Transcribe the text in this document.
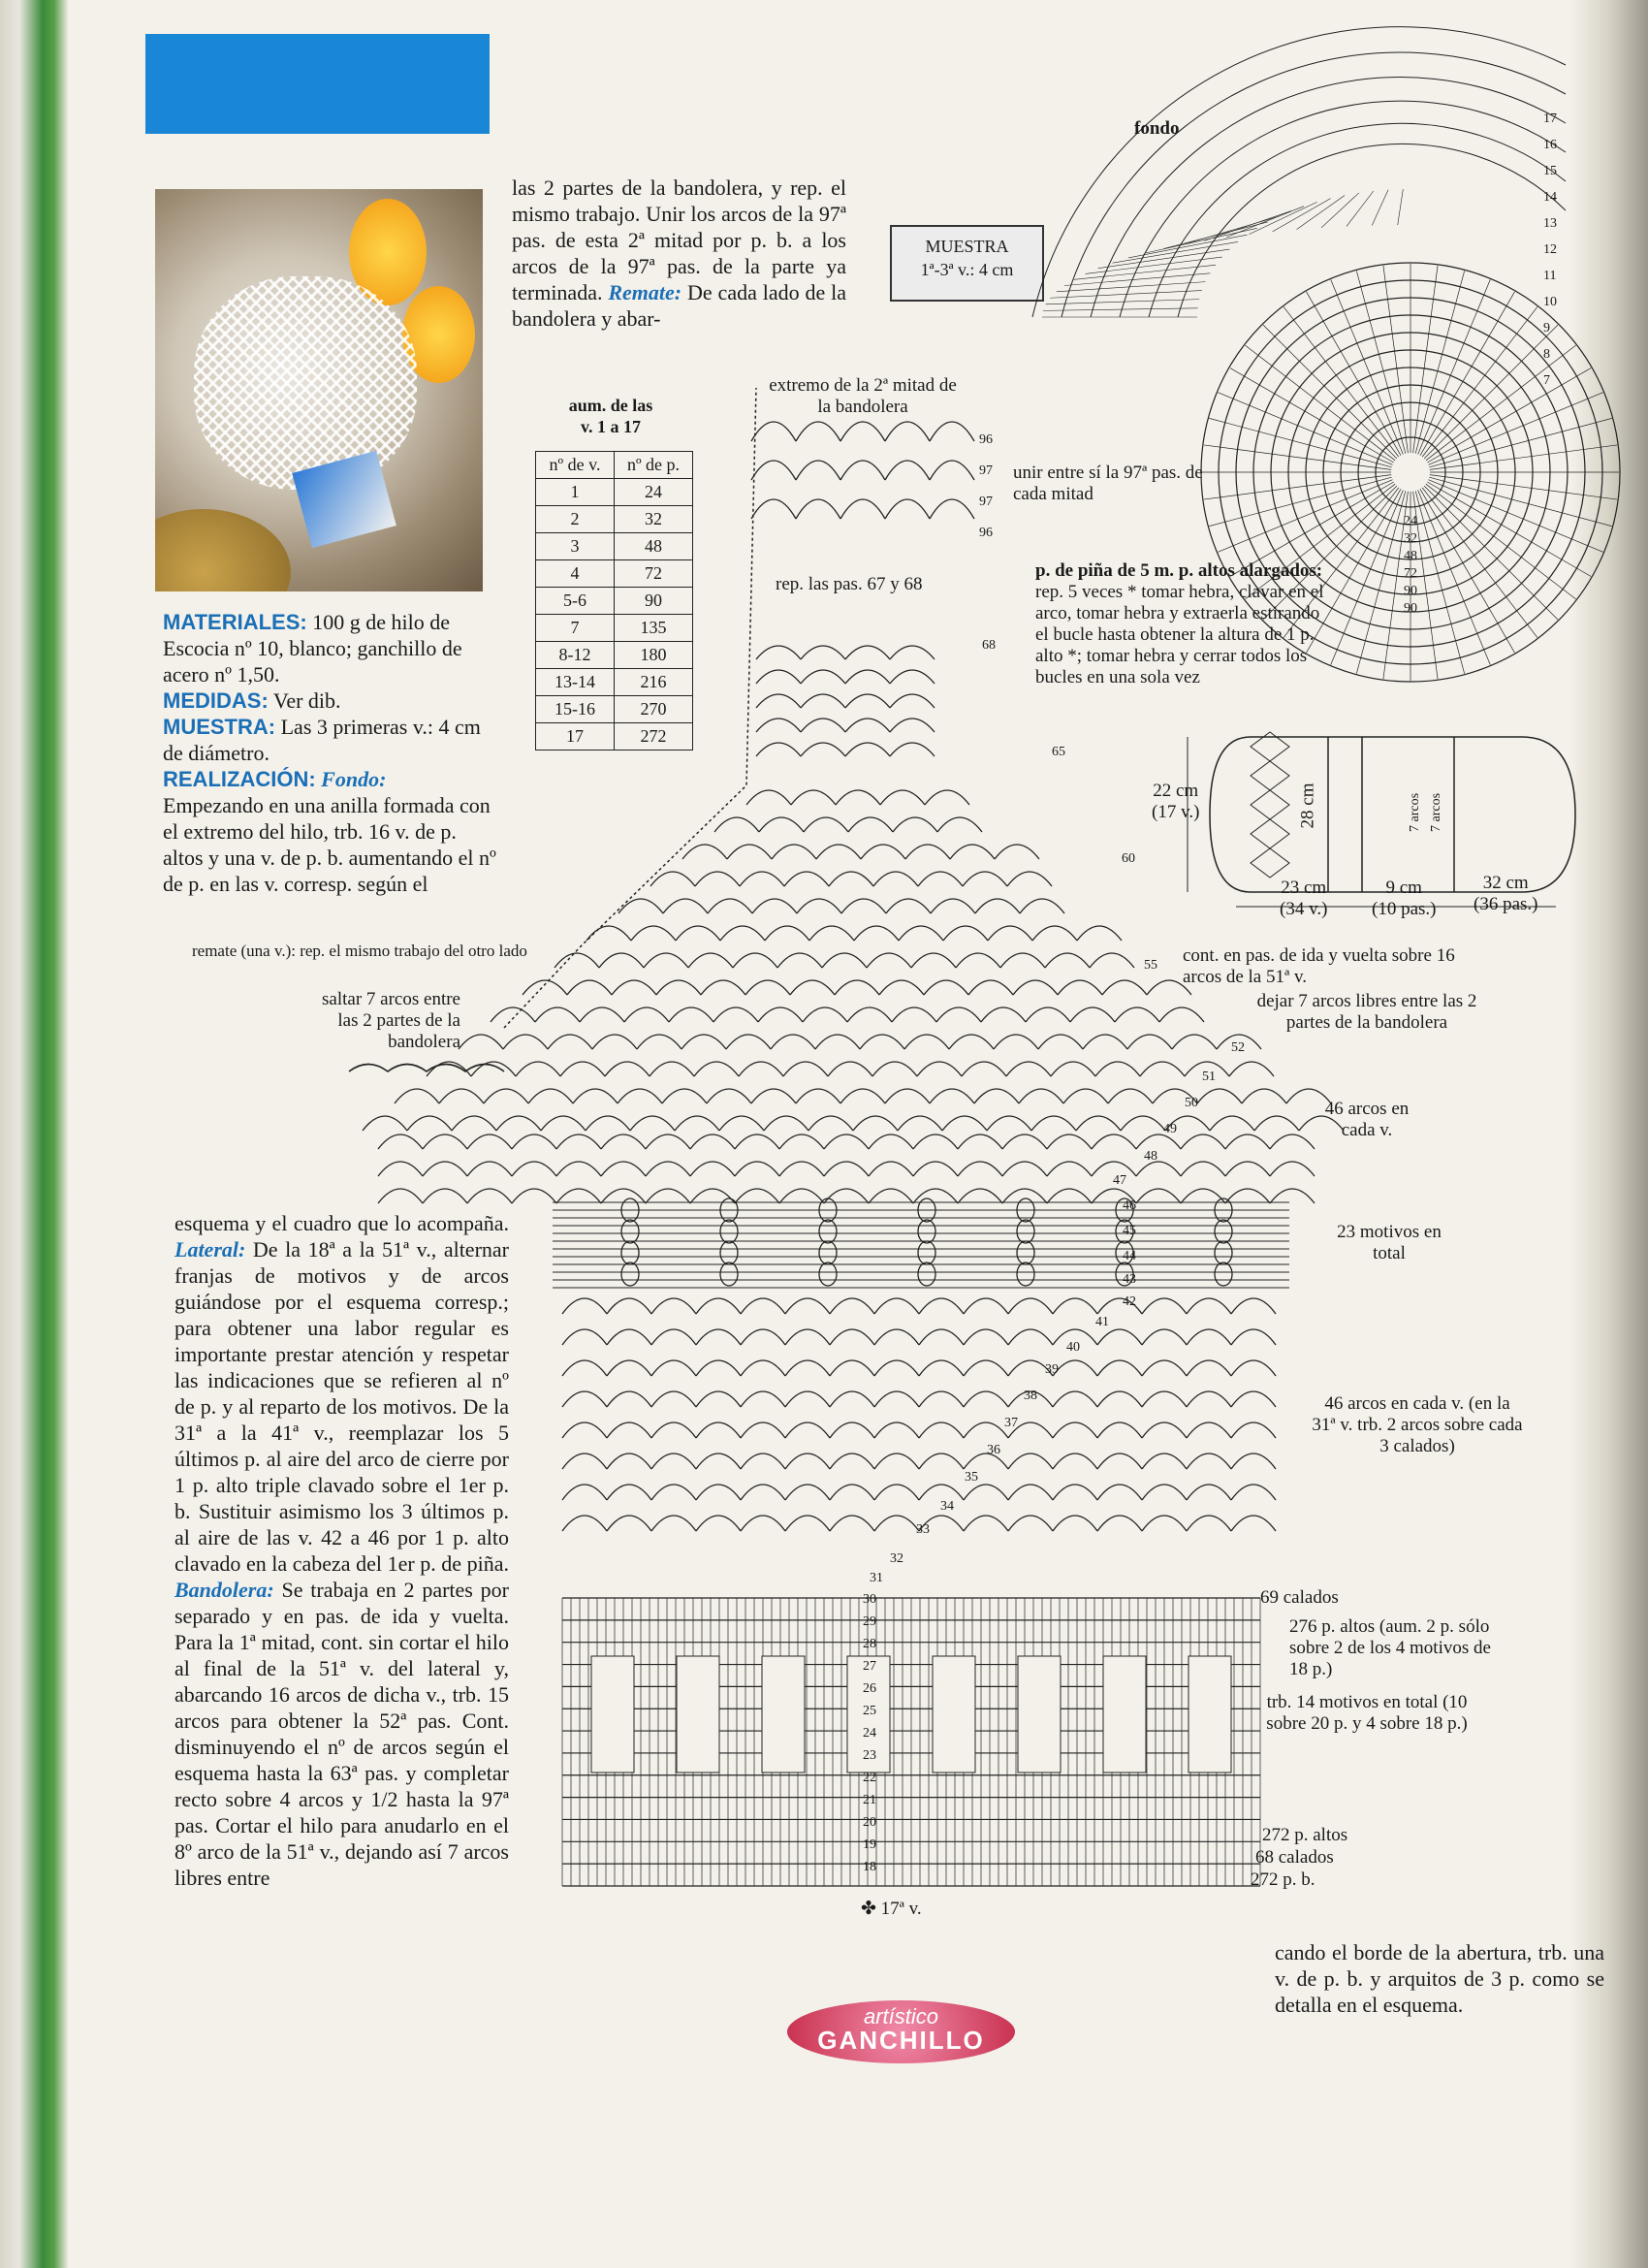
las 2 partes de la bandolera, y rep. el mismo trabajo. Unir los arcos de la 97ª pas. de esta 2ª mitad por p. b. a los arcos de la 97ª pas. de la parte ya terminada. Remate: De cada lado de la bandolera y abar-
MATERIALES: 100 g de hilo de Escocia nº 10, blanco; ganchillo de acero nº 1,50.
MEDIDAS: Ver dib.
MUESTRA: Las 3 primeras v.: 4 cm de diámetro.
REALIZACIÓN: Fondo:
Empezando en una anilla formada con el extremo del hilo, trb. 16 v. de p. altos y una v. de p. b. aumentando el nº de p. en las v. corresp. según el
aum. de las
v. 1 a 17
nº de v.	nº de p.
1	24
2	32
3	48
4	72
5-6	90
7	135
8-12	180
13-14	216
15-16	270
17	272
MUESTRA
1ª-3ª v.: 4 cm
esquema y el cuadro que lo acompaña. Lateral: De la 18ª a la 51ª v., alternar franjas de motivos y de arcos guiándose por el esquema corresp.; para obtener una labor regular es importante prestar atención y respetar las indicaciones que se refieren al nº de p. y al reparto de los motivos. De la 31ª a la 41ª v., reemplazar los 5 últimos p. al aire del arco de cierre por 1 p. alto triple clavado sobre el 1er p. b. Sustituir asimismo los 3 últimos p. al aire de las v. 42 a 46 por 1 p. alto clavado en la cabeza del 1er p. de piña. Bandolera: Se trabaja en 2 partes por separado y en pas. de ida y vuelta. Para la 1ª mitad, cont. sin cortar el hilo al final de la 51ª v. del lateral y, abarcando 16 arcos de dicha v., trb. 15 arcos para obtener la 52ª pas. Cont. disminuyendo el nº de arcos según el esquema hasta la 63ª pas. y completar recto sobre 4 arcos y 1/2 hasta la 97ª pas. Cortar el hilo para anudarlo en el 8º arco de la 51ª v., dejando así 7 arcos libres entre
cando el borde de la abertura, trb. una v. de p. b. y arquitos de 3 p. como se detalla en el esquema.
artístico
GANCHILLO
fondo
extremo de la 2ª mitad de la bandolera
unir entre sí la 97ª pas. de cada mitad
rep. las pas. 67 y 68
p. de piña de 5 m. p. altos alargados: rep. 5 veces * tomar hebra, clavar en el arco, tomar hebra y extraerla estirando el bucle hasta obtener la altura de 1 p. alto *; tomar hebra y cerrar todos los bucles en una sola vez
remate (una v.): rep. el mismo trabajo del otro lado
saltar 7 arcos entre las 2 partes de la bandolera
cont. en pas. de ida y vuelta sobre 16 arcos de la 51ª v.
dejar 7 arcos libres entre las 2 partes de la bandolera
46 arcos en cada v.
23 motivos en total
46 arcos en cada v. (en la 31ª v. trb. 2 arcos sobre cada 3 calados)
69 calados
276 p. altos (aum. 2 p. sólo sobre 2 de los 4 motivos de 18 p.)
trb. 14 motivos en total (10 sobre 20 p. y 4 sobre 18 p.)
272 p. altos
68 calados
272 p. b.
✤ 17ª v.
22 cm
(17 v.)	28 cm
23 cm
(34 v.)
9 cm
(10 pas.)
32 cm
(36 pas.)
7 arcos 7 arcos
96
97
97
96
68
65
60
30
29
28
27
26
25
24
23
22
21
20
19
18
17
16
15
14
13
12
11
10
9
8
7
24
32
48
72
90
90
55
52
51
50
49
48
47
46
45
44
43
42
41
40
39
38
37
36
35
34
33
32
31
